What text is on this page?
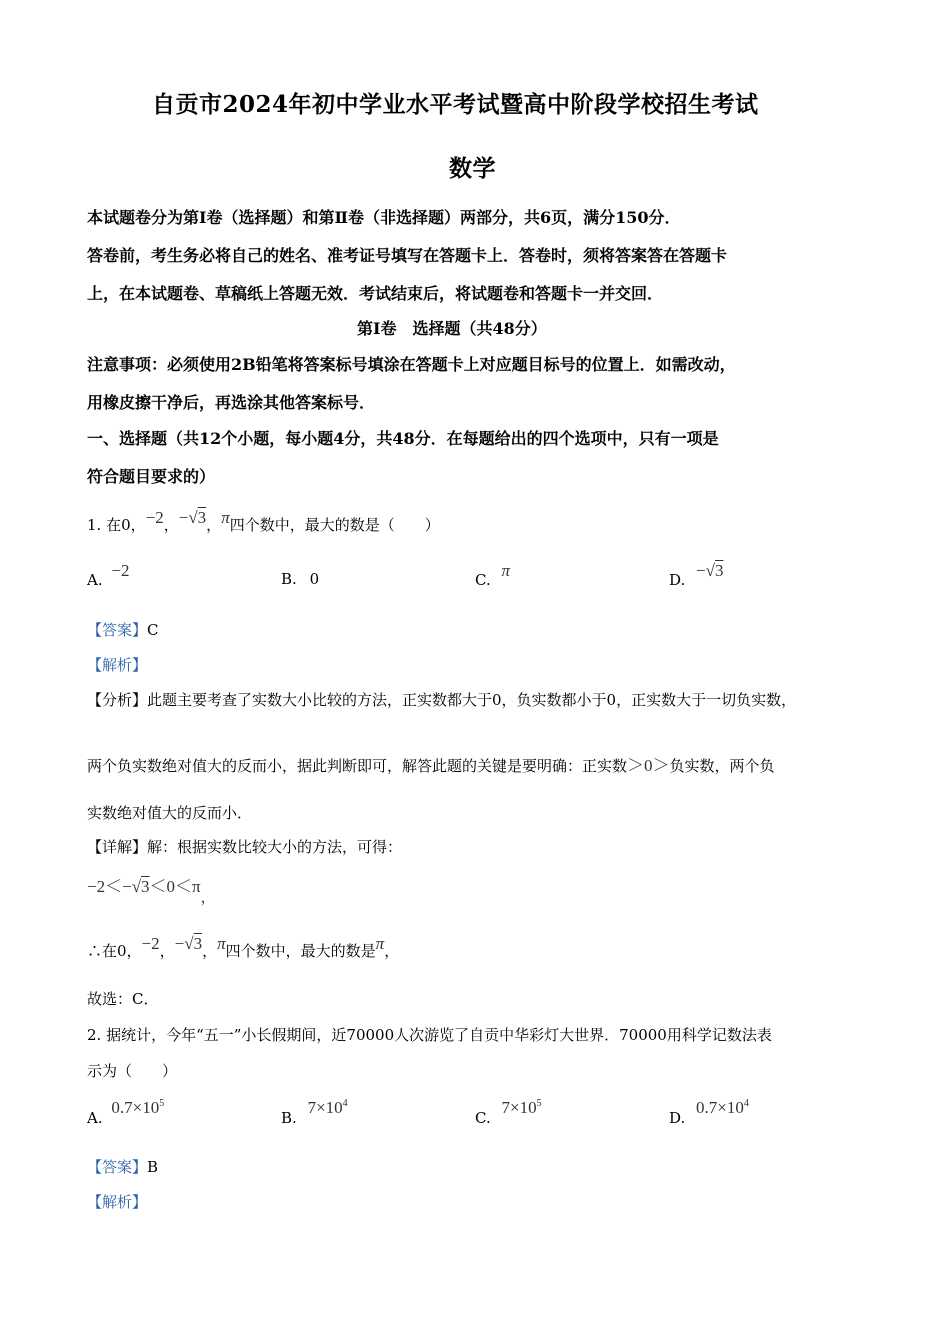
自贡市2024年初中学业水平考试暨高中阶段学校招生考试
数学
本试题卷分为第Ⅰ卷（选择题）和第Ⅱ卷（非选择题）两部分，共6页，满分150分．
答卷前，考生务必将自己的姓名、准考证号填写在答题卡上．答卷时，须将答案答在答题卡
上，在本试题卷、草稿纸上答题无效．考试结束后，将试题卷和答题卡一并交回．
第Ⅰ卷　选择题（共48分）
注意事项：必须使用2B铅笔将答案标号填涂在答题卡上对应题目标号的位置上．如需改动，
用橡皮擦干净后，再选涂其他答案标号．
一、选择题（共12个小题，每小题4分，共48分．在每题给出的四个选项中，只有一项是
符合题目要求的）
1. 在0，−2，−√3，π四个数中，最大的数是（　　）
A. −2	B. 0	C. π	D. −√3
【答案】C
【解析】
【分析】此题主要考查了实数大小比较的方法，正实数都大于0，负实数都小于0，正实数大于一切负实数，
两个负实数绝对值大的反而小，据此判断即可，解答此题的关键是要明确：正实数＞0＞负实数，两个负
实数绝对值大的反而小．
【详解】解：根据实数比较大小的方法，可得：
−2＜−√3＜0＜π，
∴在0，−2，−√3，π四个数中，最大的数是π，
故选：C．
2. 据统计，今年“五一”小长假期间，近70000人次游览了自贡中华彩灯大世界．70000用科学记数法表
示为（　　）
A. $0.7\times 10^5$
B. $7\times 10^4$
C. $7\times 10^5$
D. $0.7\times 10^4$
【答案】B
【解析】
